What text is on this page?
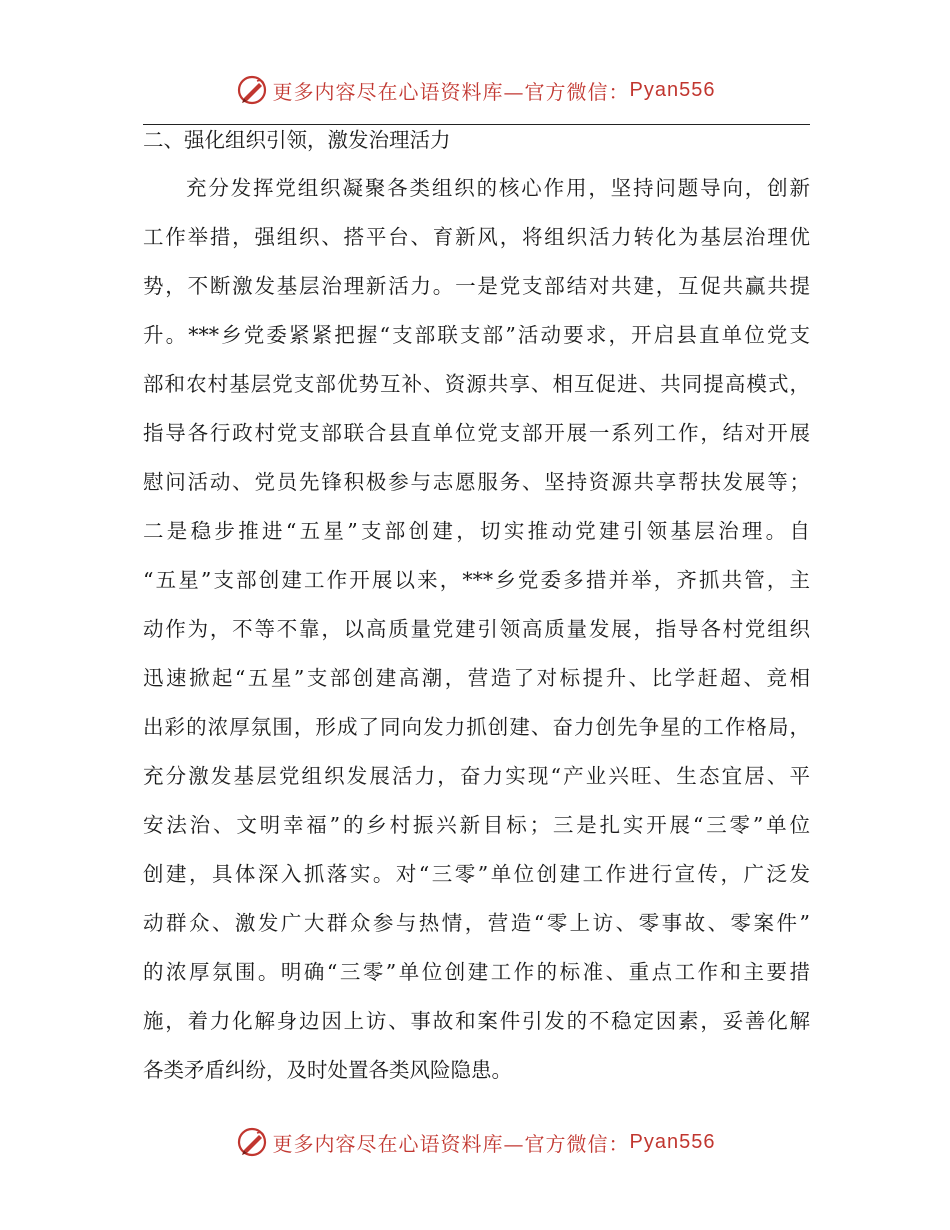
更多内容尽在心语资料库—官方微信： Pyan556
二、强化组织引领，激发治理活力
充分发挥党组织凝聚各类组织的核心作用，坚持问题导向，创新
工作举措，强组织、搭平台、育新风，将组织活力转化为基层治理优
势，不断激发基层治理新活力。一是党支部结对共建，互促共赢共提
升。***乡党委紧紧把握“支部联支部”活动要求，开启县直单位党支
部和农村基层党支部优势互补、资源共享、相互促进、共同提高模式，
指导各行政村党支部联合县直单位党支部开展一系列工作，结对开展
慰问活动、党员先锋积极参与志愿服务、坚持资源共享帮扶发展等；
二是稳步推进“五星”支部创建，切实推动党建引领基层治理。自
“五星”支部创建工作开展以来，***乡党委多措并举，齐抓共管，主
动作为，不等不靠，以高质量党建引领高质量发展，指导各村党组织
迅速掀起“五星”支部创建高潮，营造了对标提升、比学赶超、竞相
出彩的浓厚氛围，形成了同向发力抓创建、奋力创先争星的工作格局，
充分激发基层党组织发展活力，奋力实现“产业兴旺、生态宜居、平
安法治、文明幸福”的乡村振兴新目标；三是扎实开展“三零”单位
创建，具体深入抓落实。对“三零”单位创建工作进行宣传，广泛发
动群众、激发广大群众参与热情，营造“零上访、零事故、零案件”
的浓厚氛围。明确“三零”单位创建工作的标准、重点工作和主要措
施，着力化解身边因上访、事故和案件引发的不稳定因素，妥善化解
各类矛盾纠纷，及时处置各类风险隐患。
更多内容尽在心语资料库—官方微信： Pyan556
